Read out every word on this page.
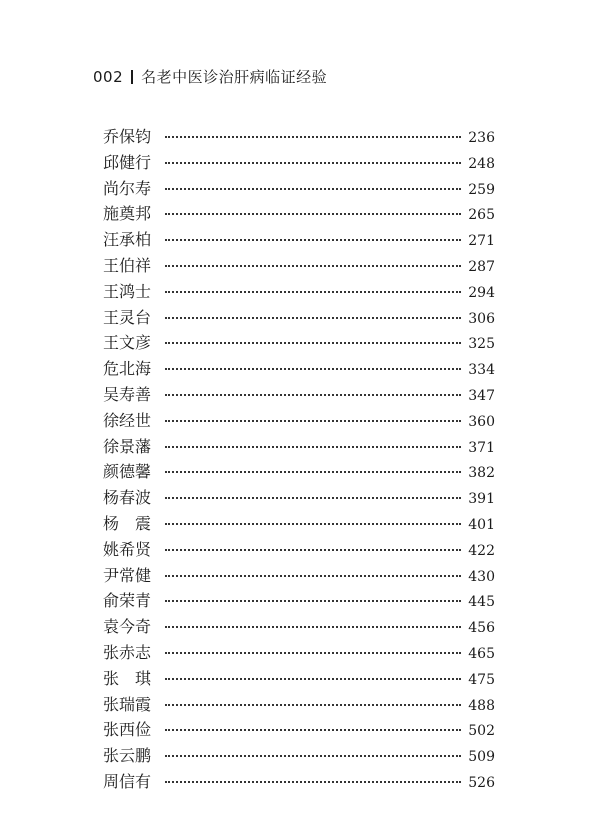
002 名老中医诊治肝病临证经验
乔保钧	236
邱健行	248
尚尔寿	259
施奠邦	265
汪承柏	271
王伯祥	287
王鸿士	294
王灵台	306
王文彦	325
危北海	334
吴寿善	347
徐经世	360
徐景藩	371
颜德馨	382
杨春波	391
杨　震	401
姚希贤	422
尹常健	430
俞荣青	445
袁今奇	456
张赤志	465
张　琪	475
张瑞霞	488
张西俭	502
张云鹏	509
周信有	526
